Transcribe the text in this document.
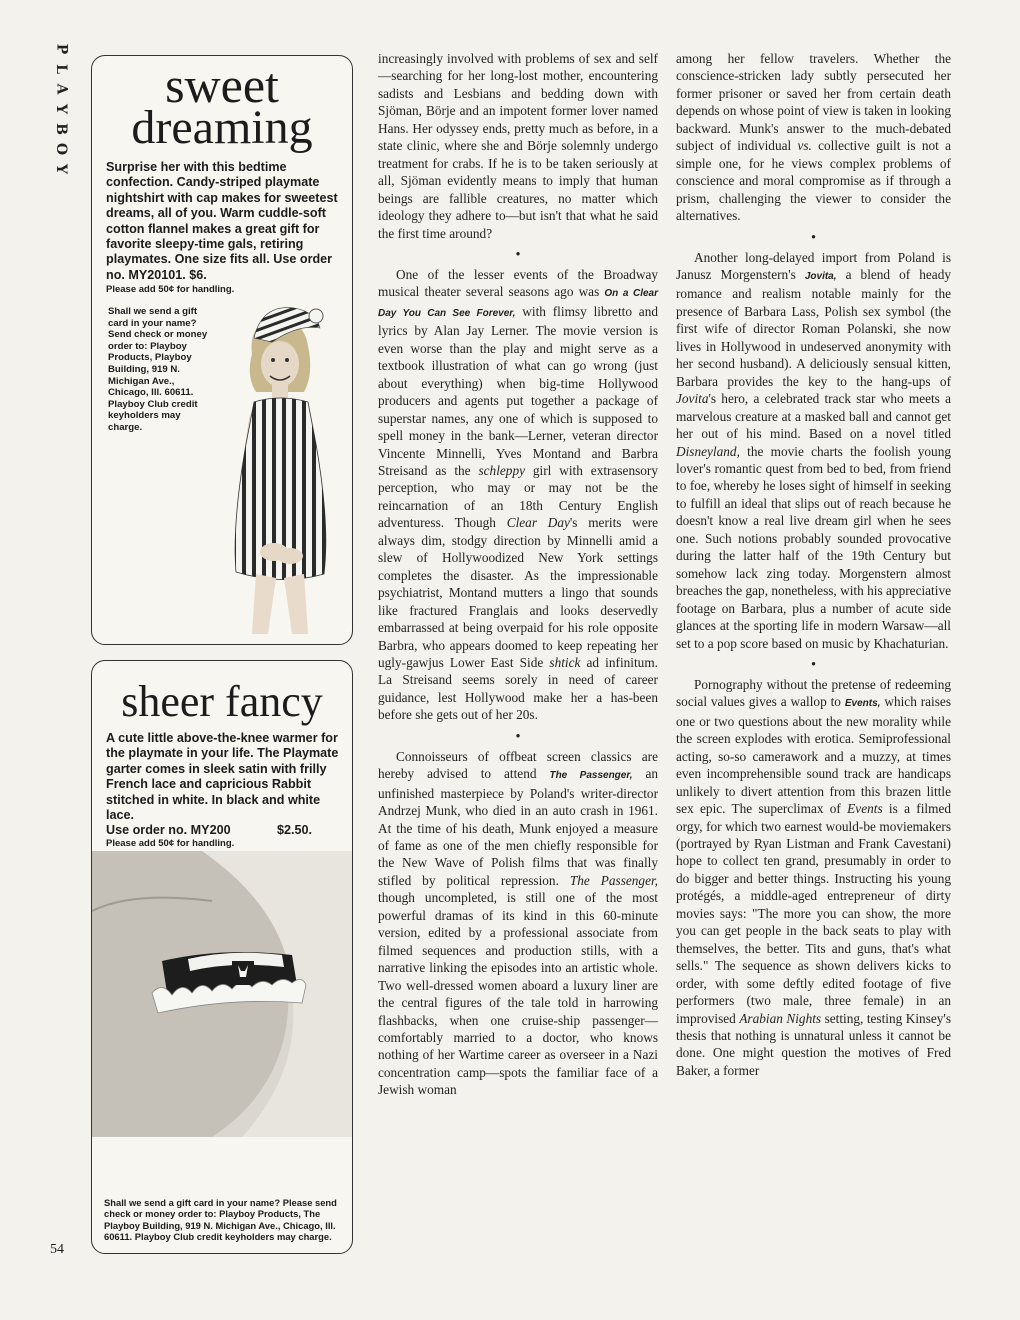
P
L
A
Y
B
O
Y
54
sweet
dreaming
Surprise her with this bedtime confection. Candy-striped playmate nightshirt with cap makes for sweetest dreams, all of you. Warm cuddle-soft cotton flannel makes a great gift for favorite sleepy-time gals, retiring playmates. One size fits all. Use order no. MY20101. $6.
Please add 50¢ for handling.
Shall we send a gift card in your name? Send check or money order to: Playboy Products, Playboy Building, 919 N. Michigan Ave., Chicago, Ill. 60611. Playboy Club credit keyholders may charge.
sheer fancy
A cute little above-the-knee warmer for the playmate in your life. The Playmate garter comes in sleek satin with frilly French lace and capricious Rabbit stitched in white. In black and white lace.
Use order no. MY200	$2.50.
Please add 50¢ for handling.
Shall we send a gift card in your name? Please send check or money order to: Playboy Products, The Playboy Building, 919 N. Michigan Ave., Chicago, Ill. 60611. Playboy Club credit keyholders may charge.

increasingly involved with problems of sex and self—searching for her long-lost mother, encountering sadists and Lesbians and bedding down with Sjöman, Börje and an impotent former lover named Hans. Her odyssey ends, pretty much as before, in a state clinic, where she and Börje solemnly undergo treatment for crabs. If he is to be taken seriously at all, Sjöman evidently means to imply that human beings are fallible creatures, no matter which ideology they adhere to—but isn't that what he said the first time around?

●

One of the lesser events of the Broadway musical theater several seasons ago was On a Clear Day You Can See Forever, with flimsy libretto and lyrics by Alan Jay Lerner. The movie version is even worse than the play and might serve as a textbook illustration of what can go wrong (just about everything) when big-time Hollywood producers and agents put together a package of superstar names, any one of which is supposed to spell money in the bank—Lerner, veteran director Vincente Minnelli, Yves Montand and Barbra Streisand as the schleppy girl with extrasensory perception, who may or may not be the reincarnation of an 18th Century English adventuress. Though Clear Day's merits were always dim, stodgy direction by Minnelli amid a slew of Hollywoodized New York settings completes the disaster. As the impressionable psychiatrist, Montand mutters a lingo that sounds like fractured Franglais and looks deservedly embarrassed at being overpaid for his role opposite Barbra, who appears doomed to keep repeating her ugly-gawjus Lower East Side shtick ad infinitum. La Streisand seems sorely in need of career guidance, lest Hollywood make her a has-been before she gets out of her 20s.

●

Connoisseurs of offbeat screen classics are hereby advised to attend The Passenger, an unfinished masterpiece by Poland's writer-director Andrzej Munk, who died in an auto crash in 1961. At the time of his death, Munk enjoyed a measure of fame as one of the men chiefly responsible for the New Wave of Polish films that was finally stifled by political repression. The Passenger, though uncompleted, is still one of the most powerful dramas of its kind in this 60-minute version, edited by a professional associate from filmed sequences and production stills, with a narrative linking the episodes into an artistic whole. Two well-dressed women aboard a luxury liner are the central figures of the tale told in harrowing flashbacks, when one cruise-ship passenger—comfortably married to a doctor, who knows nothing of her Wartime career as overseer in a Nazi concentration camp—spots the familiar face of a Jewish woman

among her fellow travelers. Whether the conscience-stricken lady subtly persecuted her former prisoner or saved her from certain death depends on whose point of view is taken in looking backward. Munk's answer to the much-debated subject of individual vs. collective guilt is not a simple one, for he views complex problems of conscience and moral compromise as if through a prism, challenging the viewer to consider the alternatives.

●

Another long-delayed import from Poland is Janusz Morgenstern's Jovita, a blend of heady romance and realism notable mainly for the presence of Barbara Lass, Polish sex symbol (the first wife of director Roman Polanski, she now lives in Hollywood in undeserved anonymity with her second husband). A deliciously sensual kitten, Barbara provides the key to the hang-ups of Jovita's hero, a celebrated track star who meets a marvelous creature at a masked ball and cannot get her out of his mind. Based on a novel titled Disneyland, the movie charts the foolish young lover's romantic quest from bed to bed, from friend to foe, whereby he loses sight of himself in seeking to fulfill an ideal that slips out of reach because he doesn't know a real live dream girl when he sees one. Such notions probably sounded provocative during the latter half of the 19th Century but somehow lack zing today. Morgenstern almost breaches the gap, nonetheless, with his appreciative footage on Barbara, plus a number of acute side glances at the sporting life in modern Warsaw—all set to a pop score based on music by Khachaturian.

●

Pornography without the pretense of redeeming social values gives a wallop to Events, which raises one or two questions about the new morality while the screen explodes with erotica. Semiprofessional acting, so-so camerawork and a muzzy, at times even incomprehensible sound track are handicaps unlikely to divert attention from this brazen little sex epic. The superclimax of Events is a filmed orgy, for which two earnest would-be moviemakers (portrayed by Ryan Listman and Frank Cavestani) hope to collect ten grand, presumably in order to do bigger and better things. Instructing his young protégés, a middle-aged entrepreneur of dirty movies says: "The more you can show, the more you can get people in the back seats to play with themselves, the better. Tits and guns, that's what sells." The sequence as shown delivers kicks to order, with some deftly edited footage of five performers (two male, three female) in an improvised Arabian Nights setting, testing Kinsey's thesis that nothing is unnatural unless it cannot be done. One might question the motives of Fred Baker, a former
